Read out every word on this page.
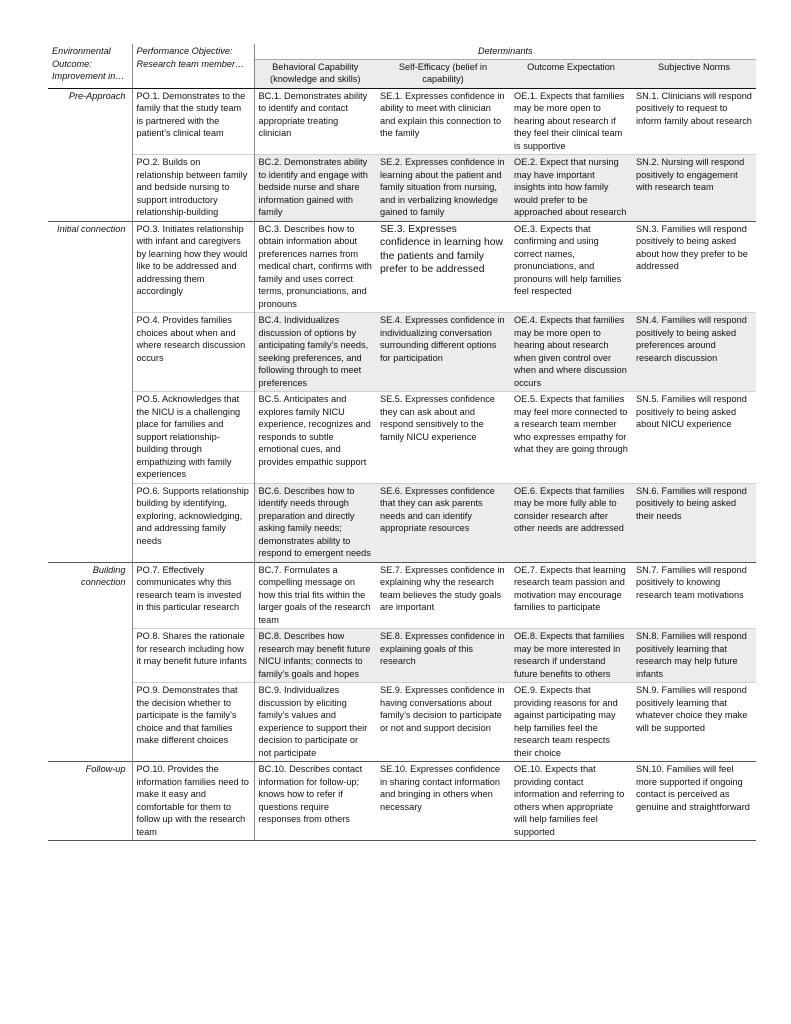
Environmental Outcome: Improvement in…	Performance Objective: Research team member…	Determinants			
		Behavioral Capability (knowledge and skills)	Self-Efficacy (belief in capability)	Outcome Expectation	Subjective Norms
Pre-Approach	PO.1. Demonstrates to the family that the study team is partnered with the patient’s clinical team	BC.1. Demonstrates ability to identify and contact appropriate treating clinician	SE.1. Expresses confidence in ability to meet with clinician and explain this connection to the family	OE.1. Expects that families may be more open to hearing about research if they feel their clinical team is supportive	SN.1. Clinicians will respond positively to request to inform family about research
	PO.2. Builds on relationship between family and bedside nursing to support introductory relationship-building	BC.2. Demonstrates ability to identify and engage with bedside nurse and share information gained with family	SE.2. Expresses confidence in learning about the patient and family situation from nursing, and in verbalizing knowledge gained to family	OE.2. Expect that nursing may have important insights into how family would prefer to be approached about research	SN.2. Nursing will respond positively to engagement with research team
Initial connection	PO.3. Initiates relationship with infant and caregivers by learning how they would like to be addressed and addressing them accordingly	BC.3. Describes how to obtain information about preferences names from medical chart, confirms with family and uses correct terms, pronunciations, and pronouns	SE.3. Expresses confidence in learning how the patients and family prefer to be addressed	OE.3. Expects that confirming and using correct names, pronunciations, and pronouns will help families feel respected	SN.3. Families will respond positively to being asked about how they prefer to be addressed
	PO.4. Provides families choices about when and where research discussion occurs	BC.4. Individualizes discussion of options by anticipating family’s needs, seeking preferences, and following through to meet preferences	SE.4. Expresses confidence in individualizing conversation surrounding different options for participation	OE.4. Expects that families may be more open to hearing about research when given control over when and where discussion occurs	SN.4. Families will respond positively to being asked preferences around research discussion
	PO.5. Acknowledges that the NICU is a challenging place for families and support relationship-building through empathizing with family experiences	BC.5. Anticipates and explores family NICU experience, recognizes and responds to subtle emotional cues, and provides empathic support	SE.5. Expresses confidence they can ask about and respond sensitively to the family NICU experience	OE.5. Expects that families may feel more connected to a research team member who expresses empathy for what they are going through	SN.5. Families will respond positively to being asked about NICU experience
	PO.6. Supports relationship building by identifying, exploring, acknowledging, and addressing family needs	BC.6. Describes how to identify needs through preparation and directly asking family needs; demonstrates ability to respond to emergent needs	SE.6. Expresses confidence that they can ask parents needs and can identify appropriate resources	OE.6. Expects that families may be more fully able to consider research after other needs are addressed	SN.6. Families will respond positively to being asked their needs
Building connection	PO.7. Effectively communicates why this research team is invested in this particular research	BC.7. Formulates a compelling message on how this trial fits within the larger goals of the research team	SE.7. Expresses confidence in explaining why the research team believes the study goals are important	OE.7. Expects that learning research team passion and motivation may encourage families to participate	SN.7. Families will respond positively to knowing research team motivations
	PO.8. Shares the rationale for research including how it may benefit future infants	BC.8. Describes how research may benefit future NICU infants; connects to family’s goals and hopes	SE.8. Expresses confidence in explaining goals of this research	OE.8. Expects that families may be more interested in research if understand future benefits to others	SN.8. Families will respond positively learning that research may help future infants
	PO.9. Demonstrates that the decision whether to participate is the family’s choice and that families make different choices	BC.9. Individualizes discussion by eliciting family’s values and experience to support their decision to participate or not participate	SE.9. Expresses confidence in having conversations about family’s decision to participate or not and support decision	OE.9. Expects that providing reasons for and against participating may help families feel the research team respects their choice	SN.9. Families will respond positively learning that whatever choice they make will be supported
Follow-up	PO.10. Provides the information families need to make it easy and comfortable for them to follow up with the research team	BC.10. Describes contact information for follow-up; knows how to refer if questions require responses from others	SE.10. Expresses confidence in sharing contact information and bringing in others when necessary	OE.10. Expects that providing contact information and referring to others when appropriate will help families feel supported	SN.10. Families will feel more supported if ongoing contact is perceived as genuine and straightforward
